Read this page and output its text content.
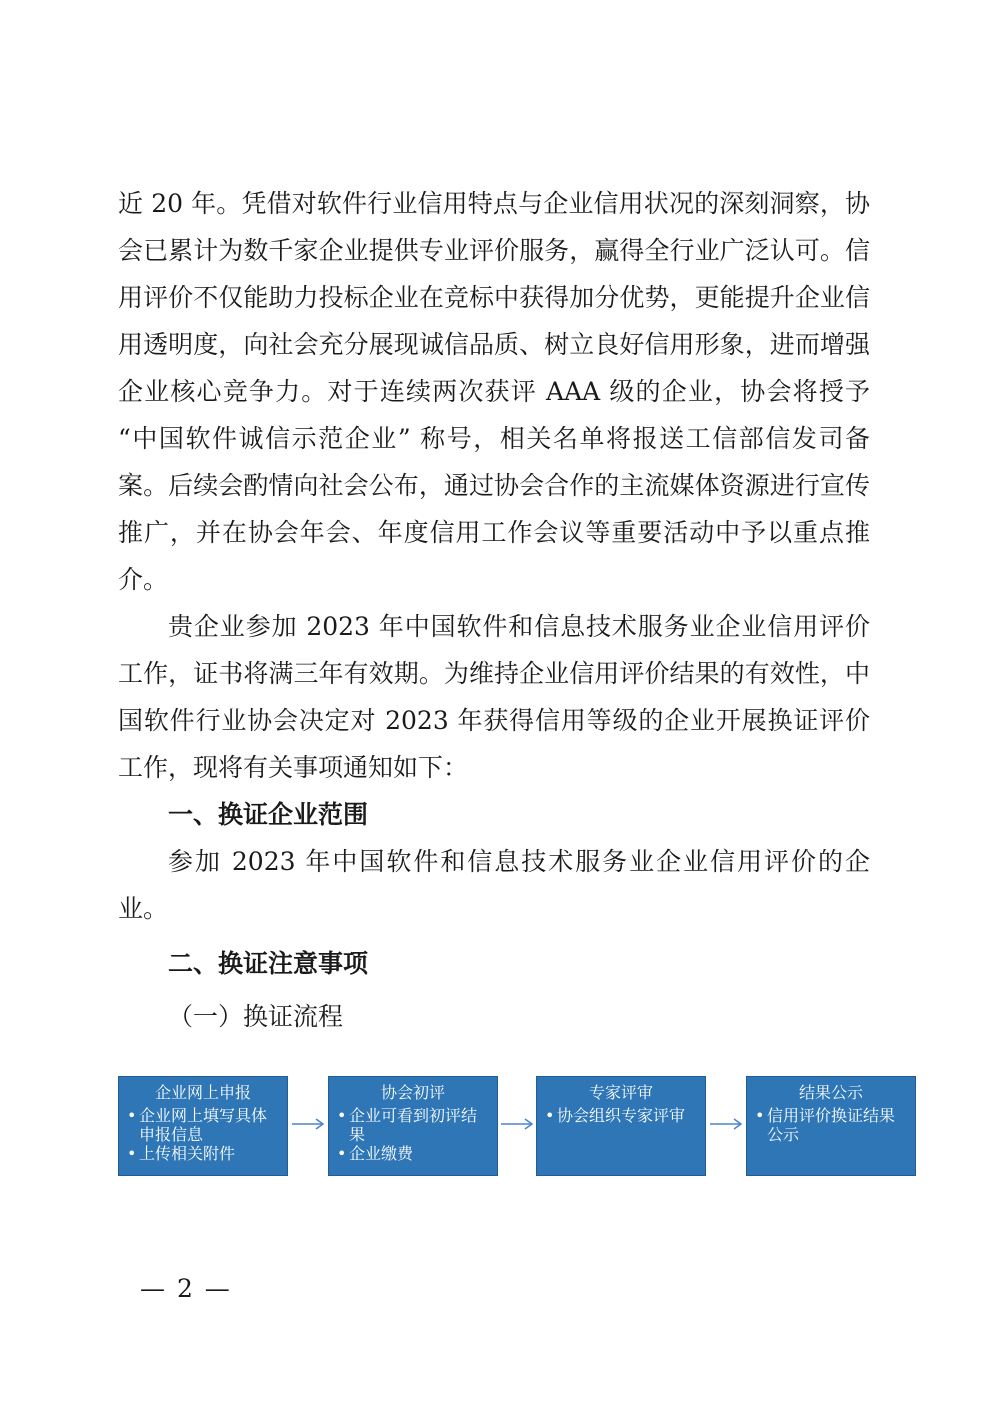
近 20 年。凭借对软件行业信用特点与企业信用状况的深刻洞察，协会已累计为数千家企业提供专业评价服务，赢得全行业广泛认可。信用评价不仅能助力投标企业在竞标中获得加分优势，更能提升企业信用透明度，向社会充分展现诚信品质、树立良好信用形象，进而增强企业核心竞争力。对于连续两次获评 AAA 级的企业，协会将授予 “中国软件诚信示范企业” 称号，相关名单将报送工信部信发司备案。后续会酌情向社会公布，通过协会合作的主流媒体资源进行宣传推广，并在协会年会、年度信用工作会议等重要活动中予以重点推介。

贵企业参加 2023 年中国软件和信息技术服务业企业信用评价工作，证书将满三年有效期。为维持企业信用评价结果的有效性，中国软件行业协会决定对 2023 年获得信用等级的企业开展换证评价工作，现将有关事项通知如下：

一、换证企业范围

参加 2023 年中国软件和信息技术服务业企业信用评价的企业。

二、换证注意事项

（一）换证流程

企业网上申报
• 企业网上填写具体申报信息
• 上传相关附件
协会初评
• 企业可看到初评结果
• 企业缴费
专家评审
• 协会组织专家评审
结果公示
• 信用评价换证结果公示
— 2 —
